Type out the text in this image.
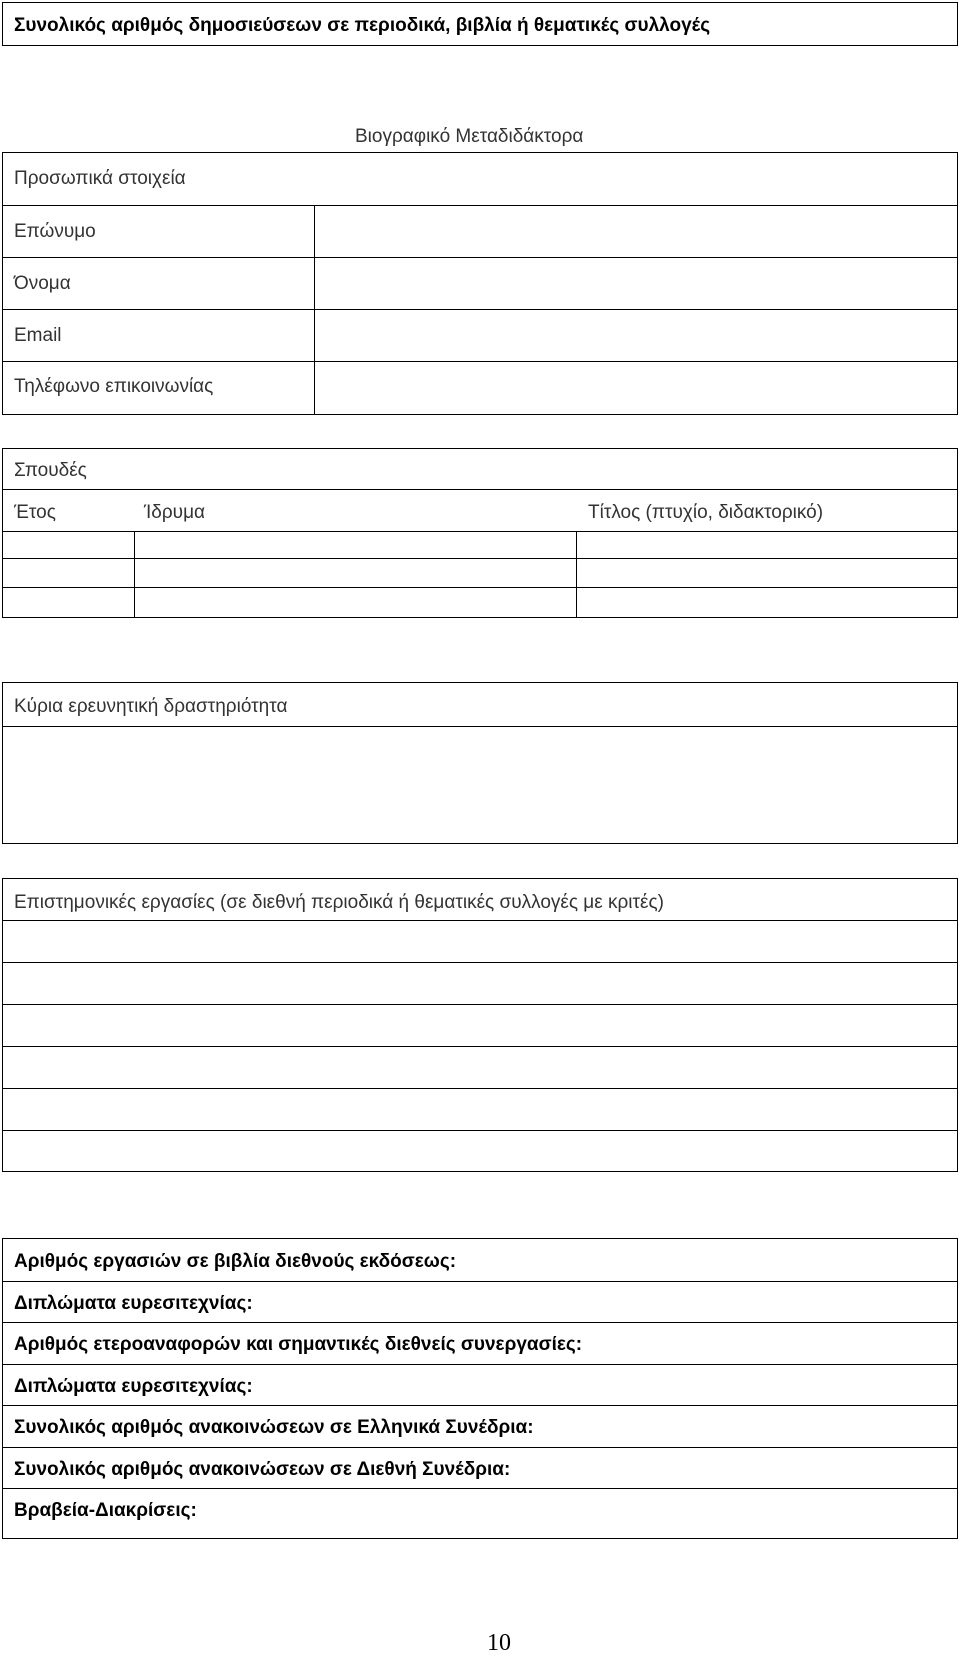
Συνολικός αριθμός δημοσιεύσεων σε περιοδικά, βιβλία ή θεματικές συλλογές
Βιογραφικό Μεταδιδάκτορα
Προσωπικά στοιχεία
Επώνυμο
Όνομα
Email
Τηλέφωνο επικοινωνίας
Σπουδές
Έτος	Ίδρυμα	Τίτλος (πτυχίο, διδακτορικό)
Κύρια ερευνητική δραστηριότητα
Επιστημονικές εργασίες (σε διεθνή περιοδικά ή θεματικές συλλογές με κριτές)
Αριθμός εργασιών σε βιβλία διεθνούς εκδόσεως:
Διπλώματα ευρεσιτεχνίας:
Αριθμός ετεροαναφορών και σημαντικές διεθνείς συνεργασίες:
Διπλώματα ευρεσιτεχνίας:
Συνολικός αριθμός ανακοινώσεων σε Ελληνικά Συνέδρια:
Συνολικός αριθμός ανακοινώσεων σε Διεθνή Συνέδρια:
Βραβεία-Διακρίσεις:
10
